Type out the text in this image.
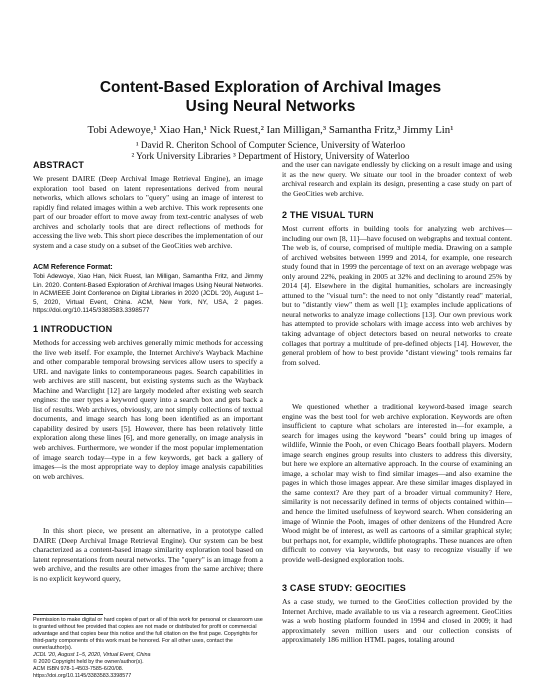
Content-Based Exploration of Archival Images
Using Neural Networks
Tobi Adewoye,¹ Xiao Han,¹ Nick Ruest,² Ian Milligan,³ Samantha Fritz,³ Jimmy Lin¹
¹ David R. Cheriton School of Computer Science, University of Waterloo
² York University Libraries ³ Department of History, University of Waterloo
ABSTRACT
We present DAIRE (Deep Archival Image Retrieval Engine), an image exploration tool based on latent representations derived from neural networks, which allows scholars to "query" using an image of interest to rapidly find related images within a web archive. This work represents one part of our broader effort to move away from text-centric analyses of web archives and scholarly tools that are direct reflections of methods for accessing the live web. This short piece describes the implementation of our system and a case study on a subset of the GeoCities web archive.
ACM Reference Format:
Tobi Adewoye, Xiao Han, Nick Ruest, Ian Milligan, Samantha Fritz, and Jimmy Lin. 2020. Content-Based Exploration of Archival Images Using Neural Networks. In ACM/IEEE Joint Conference on Digital Libraries in 2020 (JCDL '20), August 1–5, 2020, Virtual Event, China. ACM, New York, NY, USA, 2 pages. https://doi.org/10.1145/3383583.3398577
1 INTRODUCTION
Methods for accessing web archives generally mimic methods for accessing the live web itself. For example, the Internet Archive's Wayback Machine and other comparable temporal browsing services allow users to specify a URL and navigate links to contemporaneous pages. Search capabilities in web archives are still nascent, but existing systems such as the Wayback Machine and Warclight [12] are largely modeled after existing web search engines: the user types a keyword query into a search box and gets back a list of results. Web archives, obviously, are not simply collections of textual documents, and image search has long been identified as an important capability desired by users [5]. However, there has been relatively little exploration along these lines [6], and more generally, on image analysis in web archives. Furthermore, we wonder if the most popular implementation of image search today—type in a few keywords, get back a gallery of images—is the most appropriate way to deploy image analysis capabilities on web archives.
In this short piece, we present an alternative, in a prototype called DAIRE (Deep Archival Image Retrieval Engine). Our system can be best characterized as a content-based image similarity exploration tool based on latent representations from neural networks. The "query" is an image from a web archive, and the results are other images from the same archive; there is no explicit keyword query,

Permission to make digital or hard copies of part or all of this work for personal or classroom use is granted without fee provided that copies are not made or distributed for profit or commercial advantage and that copies bear this notice and the full citation on the first page. Copyrights for third-party components of this work must be honored. For all other uses, contact the owner/author(s).

JCDL '20, August 1–5, 2020, Virtual Event, China

© 2020 Copyright held by the owner/author(s).

ACM ISBN 978-1-4503-7585-6/20/08.

https://doi.org/10.1145/3383583.3398577

and the user can navigate endlessly by clicking on a result image and using it as the new query. We situate our tool in the broader context of web archival research and explain its design, presenting a case study on part of the GeoCities web archive.
2 THE VISUAL TURN
Most current efforts in building tools for analyzing web archives—including our own [8, 11]—have focused on webgraphs and textual content. The web is, of course, comprised of multiple media. Drawing on a sample of archived websites between 1999 and 2014, for example, one research study found that in 1999 the percentage of text on an average webpage was only around 22%, peaking in 2005 at 32% and declining to around 25% by 2014 [4]. Elsewhere in the digital humanities, scholars are increasingly attuned to the "visual turn": the need to not only "distantly read" material, but to "distantly view" them as well [1]; examples include applications of neural networks to analyze image collections [13]. Our own previous work has attempted to provide scholars with image access into web archives by taking advantage of object detectors based on neural networks to create collages that portray a multitude of pre-defined objects [14]. However, the general problem of how to best provide "distant viewing" tools remains far from solved.
We questioned whether a traditional keyword-based image search engine was the best tool for web archive exploration. Keywords are often insufficient to capture what scholars are interested in—for example, a search for images using the keyword "bears" could bring up images of wildlife, Winnie the Pooh, or even Chicago Bears football players. Modern image search engines group results into clusters to address this diversity, but here we explore an alternative approach. In the course of examining an image, a scholar may wish to find similar images—and also examine the pages in which those images appear. Are these similar images displayed in the same context? Are they part of a broader virtual community? Here, similarity is not necessarily defined in terms of objects contained within—and hence the limited usefulness of keyword search. When considering an image of Winnie the Pooh, images of other denizens of the Hundred Acre Wood might be of interest, as well as cartoons of a similar graphical style; but perhaps not, for example, wildlife photographs. These nuances are often difficult to convey via keywords, but easy to recognize visually if we provide well-designed exploration tools.
3 CASE STUDY: GEOCITIES
As a case study, we turned to the GeoCities collection provided by the Internet Archive, made available to us via a research agreement. GeoCities was a web hosting platform founded in 1994 and closed in 2009; it had approximately seven million users and our collection consists of approximately 186 million HTML pages, totaling around
